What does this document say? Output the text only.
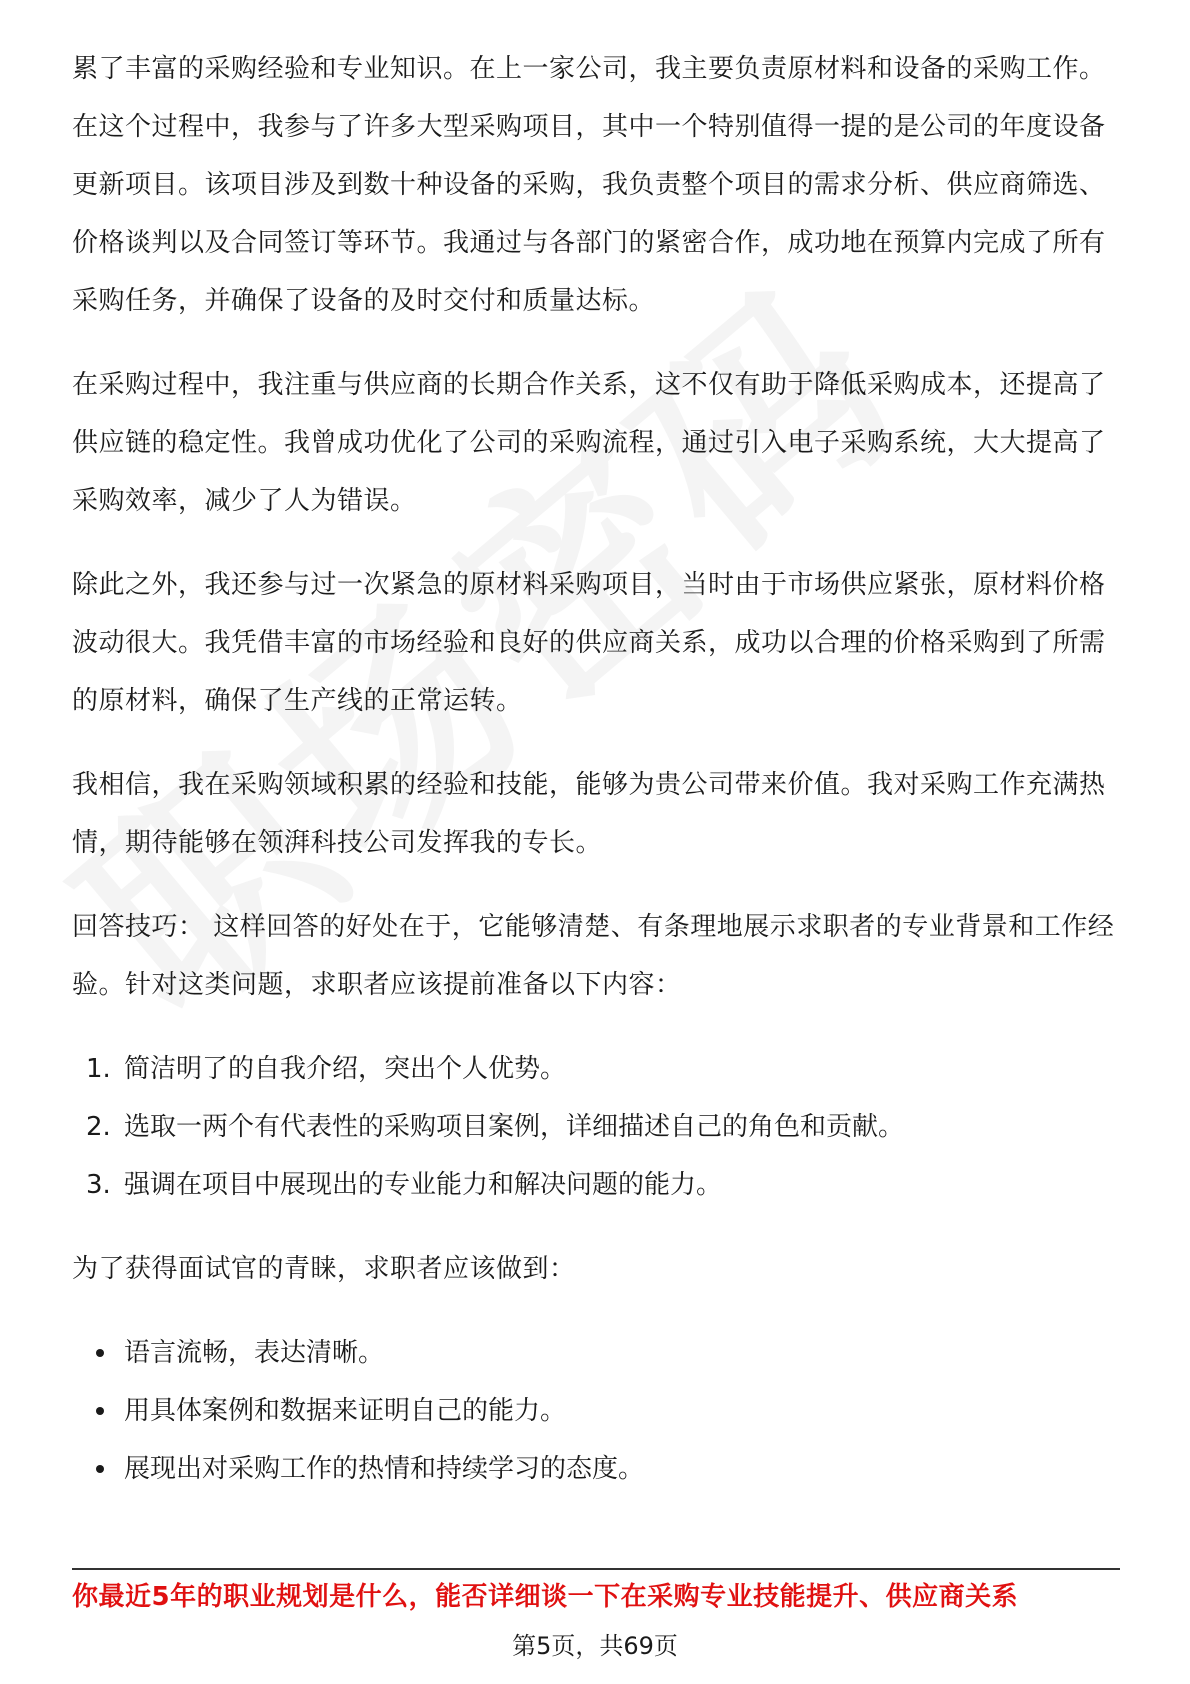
累了丰富的采购经验和专业知识。在上一家公司，我主要负责原材料和设备的采购工作。在这个过程中，我参与了许多大型采购项目，其中一个特别值得一提的是公司的年度设备更新项目。该项目涉及到数十种设备的采购，我负责整个项目的需求分析、供应商筛选、价格谈判以及合同签订等环节。我通过与各部门的紧密合作，成功地在预算内完成了所有采购任务，并确保了设备的及时交付和质量达标。

在采购过程中，我注重与供应商的长期合作关系，这不仅有助于降低采购成本，还提高了供应链的稳定性。我曾成功优化了公司的采购流程，通过引入电子采购系统，大大提高了采购效率，减少了人为错误。

除此之外，我还参与过一次紧急的原材料采购项目，当时由于市场供应紧张，原材料价格波动很大。我凭借丰富的市场经验和良好的供应商关系，成功以合理的价格采购到了所需的原材料，确保了生产线的正常运转。

我相信，我在采购领域积累的经验和技能，能够为贵公司带来价值。我对采购工作充满热情，期待能够在领湃科技公司发挥我的专长。

回答技巧： 这样回答的好处在于，它能够清楚、有条理地展示求职者的专业背景和工作经验。针对这类问题，求职者应该提前准备以下内容：

1. 简洁明了的自我介绍，突出个人优势。
2. 选取一两个有代表性的采购项目案例，详细描述自己的角色和贡献。
3. 强调在项目中展现出的专业能力和解决问题的能力。

为了获得面试官的青睐，求职者应该做到：

语言流畅，表达清晰。
用具体案例和数据来证明自己的能力。
展现出对采购工作的热情和持续学习的态度。
你最近5年的职业规划是什么，能否详细谈一下在采购专业技能提升、供应商关系
第5页，共69页
